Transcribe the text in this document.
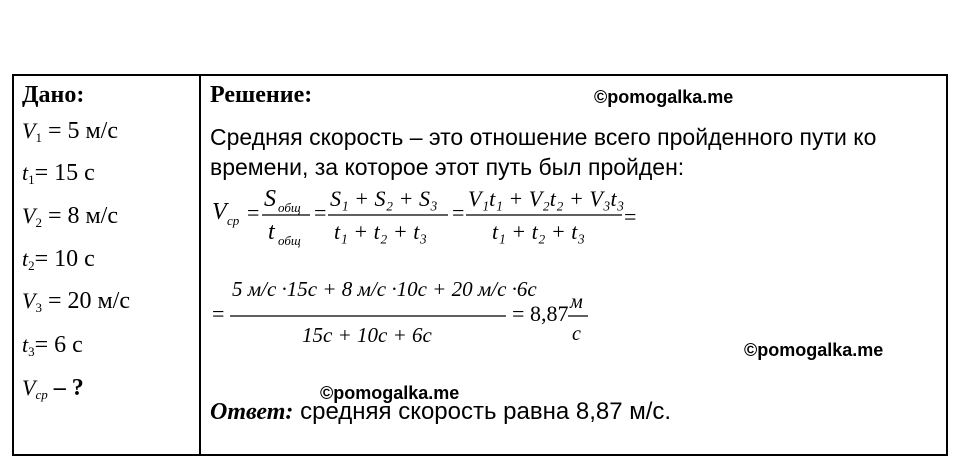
Дано:	Решение:
Средняя скорость – это отношение всего пройденного пути ко времени, за которое этот путь был пройден:
V ср =
S общ
t общ
=
S₁ + S₂ + S₃
t₁ + t₂ + t₃
=
V₁t₁ + V₂t₂ + V₃t₃
t₁ + t₂ + t₃
=
=
5 м/с ·15с + 8 м/с ·10с + 20 м/с ·6с
15с + 10с + 6с
= 8,87 м
с
Ответ: средняя скорость равна 8,87 м/с.
$V_1 = 5$ м/с
$t_1= 15$ с
$V_2 = 8$ м/с
$t_2= 10$ с
$V_3 = 20$ м/с
$t_3= 6$ с
$V_{ср}$ – ?
©pomogalka.me
©pomogalka.me
©pomogalka.me
